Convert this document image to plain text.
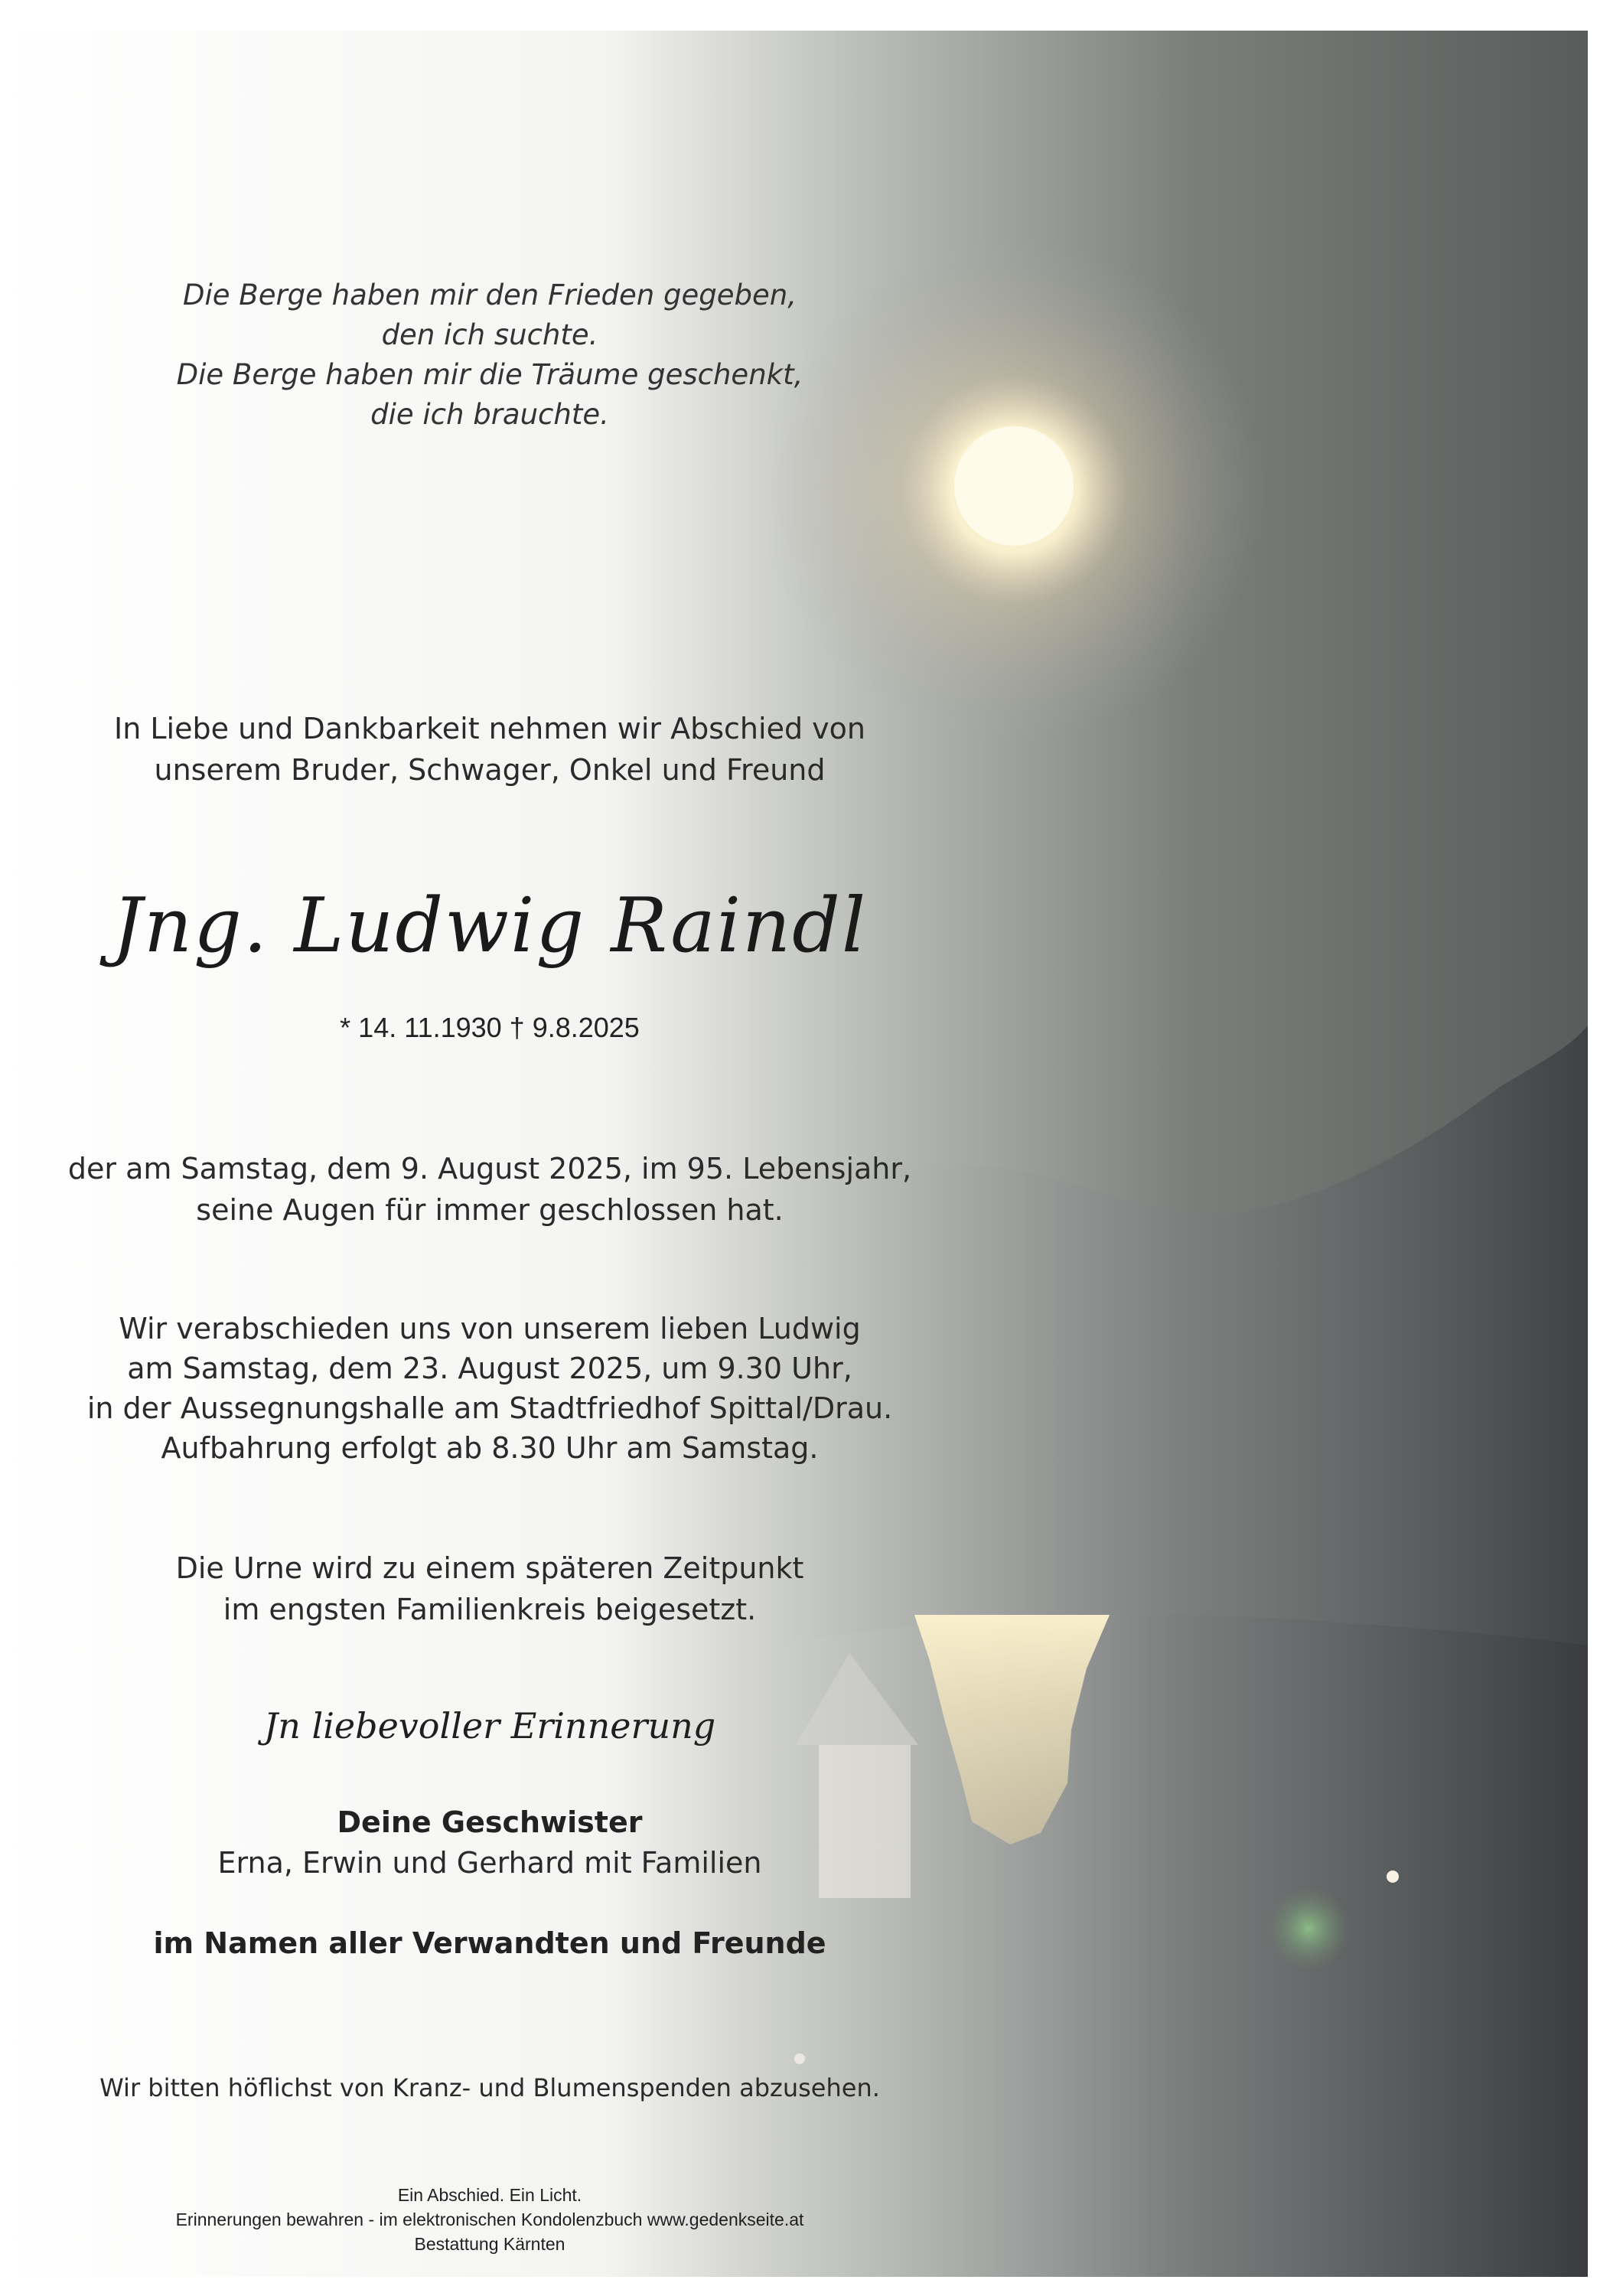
Die Berge haben mir den Frieden gegeben,
den ich suchte.
Die Berge haben mir die Träume geschenkt,
die ich brauchte.
In Liebe und Dankbarkeit nehmen wir Abschied von
unserem Bruder, Schwager, Onkel und Freund
Jng. Ludwig Raindl
* 14. 11.1930 † 9.8.2025
der am Samstag, dem 9. August 2025, im 95. Lebensjahr,
seine Augen für immer geschlossen hat.
Wir verabschieden uns von unserem lieben Ludwig
am Samstag, dem 23. August 2025, um 9.30 Uhr,
in der Aussegnungshalle am Stadtfriedhof Spittal/Drau.
Aufbahrung erfolgt ab 8.30 Uhr am Samstag.
Die Urne wird zu einem späteren Zeitpunkt
im engsten Familienkreis beigesetzt.
Jn liebevoller Erinnerung
Deine Geschwister
Erna, Erwin und Gerhard mit Familien
im Namen aller Verwandten und Freunde
Wir bitten höflichst von Kranz- und Blumenspenden abzusehen.
Ein Abschied. Ein Licht.
Erinnerungen bewahren - im elektronischen Kondolenzbuch www.gedenkseite.at
Bestattung Kärnten
